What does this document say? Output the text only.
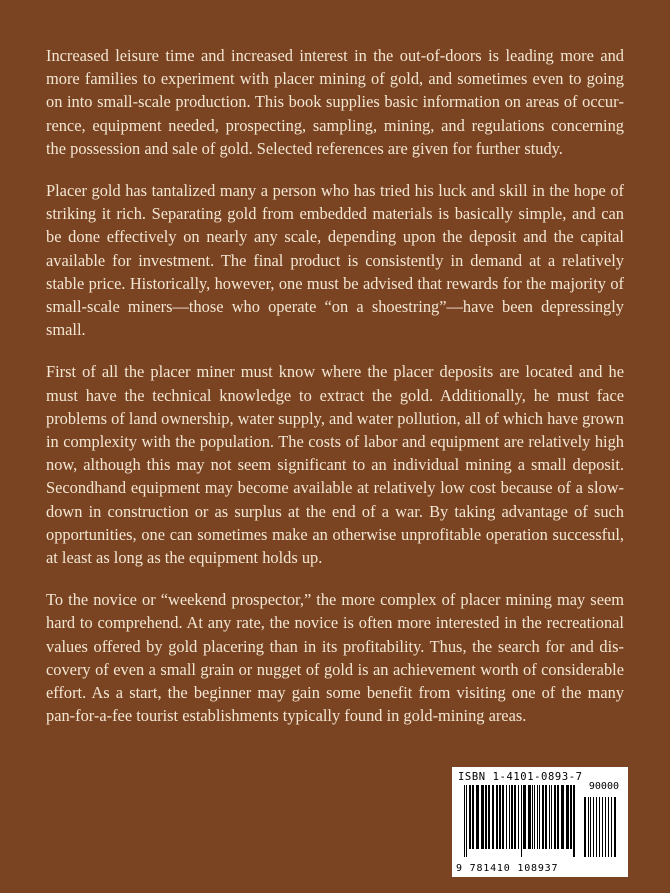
Increased leisure time and increased interest in the out-of-doors is leading more and more families to experiment with placer mining of gold, and sometimes even to going on into small-scale production. This book supplies basic information on areas of occurrence, equipment needed, prospecting, sampling, mining, and regulations concerning the possession and sale of gold. Selected references are given for further study.

Placer gold has tantalized many a person who has tried his luck and skill in the hope of striking it rich. Separating gold from embedded materials is basically simple, and can be done effectively on nearly any scale, depending upon the deposit and the capital available for investment. The final product is consistently in demand at a relatively stable price. Historically, however, one must be advised that rewards for the majority of small-scale miners—those who operate “on a shoestring”—have been depressingly small.

First of all the placer miner must know where the placer deposits are located and he must have the technical knowledge to extract the gold. Additionally, he must face problems of land ownership, water supply, and water pollution, all of which have grown in complexity with the population. The costs of labor and equipment are relatively high now, although this may not seem significant to an individual mining a small deposit. Secondhand equipment may become available at relatively low cost because of a slowdown in construction or as surplus at the end of a war. By taking advantage of such opportunities, one can sometimes make an otherwise unprofitable operation successful, at least as long as the equipment holds up.

To the novice or “weekend prospector,” the more complex of placer mining may seem hard to comprehend. At any rate, the novice is often more interested in the recreational values offered by gold placering than in its profitability. Thus, the search for and discovery of even a small grain or nugget of gold is an achievement worth of considerable effort. As a start, the beginner may gain some benefit from visiting one of the many pan-for-a-fee tourist establishments typically found in gold-mining areas.

ISBN 1-4101-0893-7
90000
9 781410 108937
